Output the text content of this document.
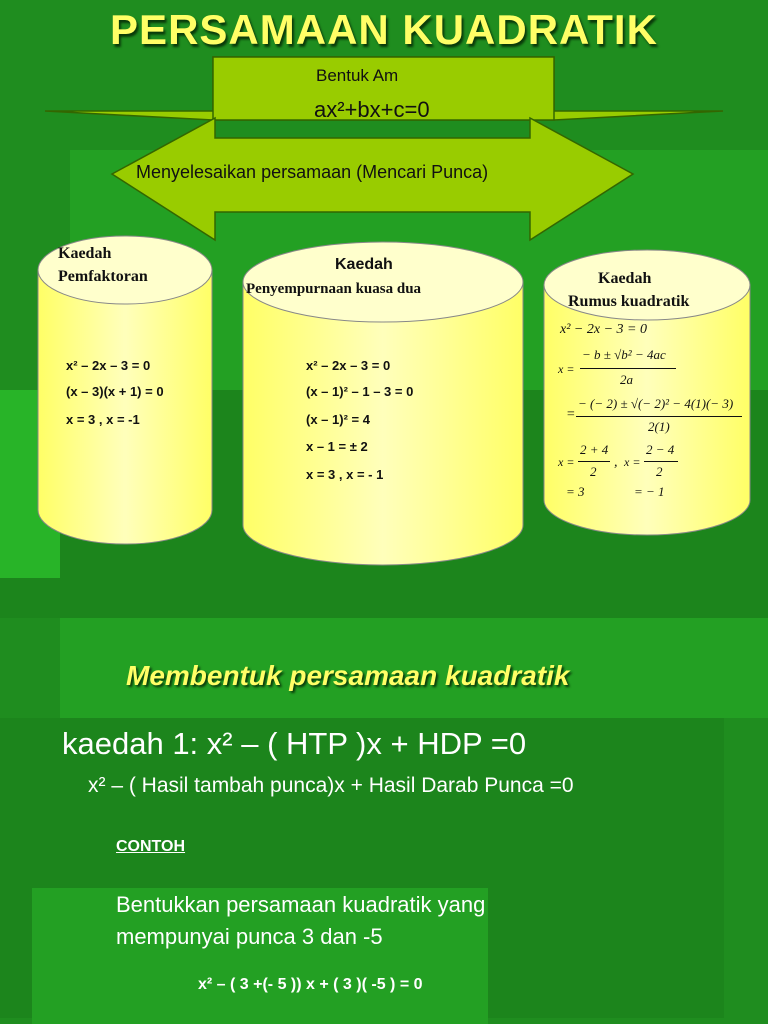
PERSAMAAN KUADRATIK
Bentuk Am
ax²+bx+c=0
Menyelesaikan persamaan (Mencari Punca)
Kaedah
Pemfaktoran
x² – 2x – 3 = 0
(x – 3)(x + 1) = 0
x = 3 , x = -1
Kaedah
Penyempurnaan kuasa dua
x² – 2x – 3 = 0
(x – 1)² – 1 – 3 = 0
(x – 1)² = 4
x – 1 = ± 2
x = 3 , x = - 1
Kaedah
Rumus kuadratik
x² − 2x − 3 = 0
x =
− b ± √b² − 4ac
2a
=
− (− 2) ± √(− 2)² − 4(1)(− 3)
2(1)
x =
2 + 4
2
, x =
2 − 4
2
= 3	= − 1
Membentuk persamaan kuadratik
kaedah 1: x² – ( HTP )x + HDP =0
x² – ( Hasil tambah punca)x + Hasil Darab Punca =0
CONTOH
Bentukkan persamaan kuadratik yang
mempunyai punca 3 dan -5
x² – ( 3 +(- 5 )) x + ( 3 )( -5 ) = 0
